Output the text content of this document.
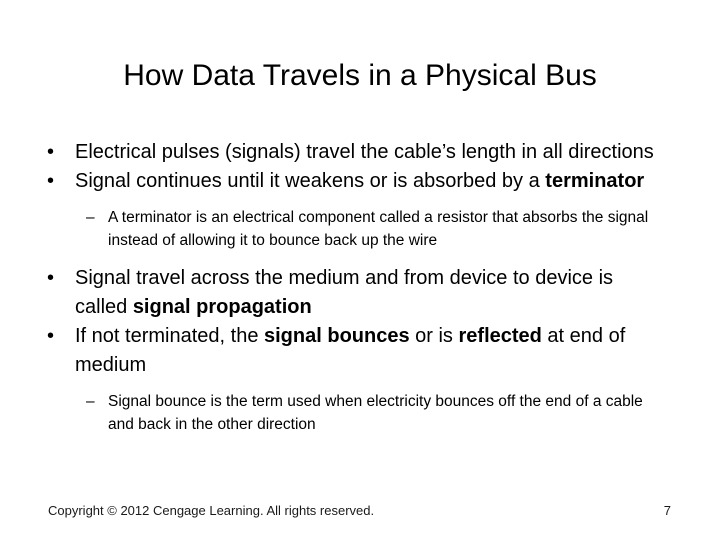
How Data Travels in a Physical Bus
• Electrical pulses (signals) travel the cable’s length in all directions
• Signal continues until it weakens or is absorbed by a terminator
– A terminator is an electrical component called a resistor that absorbs the signal instead of allowing it to bounce back up the wire
• Signal travel across the medium and from device to device is called signal propagation
• If not terminated, the signal bounces or is reflected at end of medium
– Signal bounce is the term used when electricity bounces off the end of a cable and back in the other direction
Copyright © 2012 Cengage Learning. All rights reserved.	7
